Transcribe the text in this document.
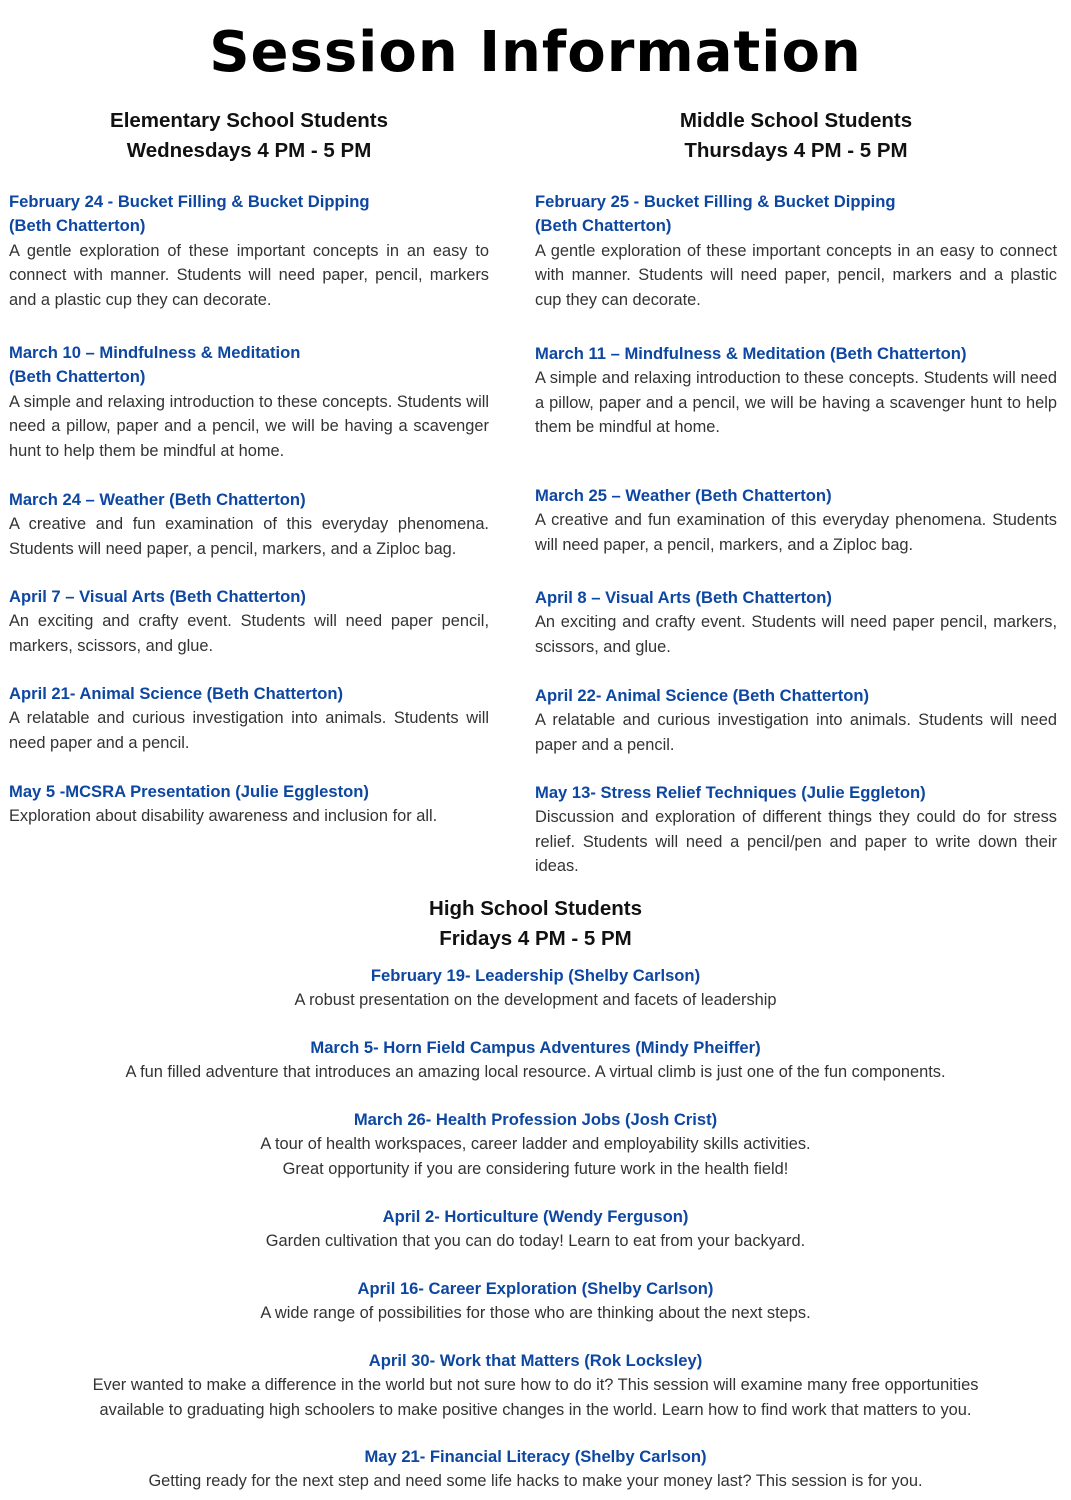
Session Information
Elementary School Students
Wednesdays 4 PM - 5 PM
February 24 - Bucket Filling & Bucket Dipping
(Beth Chatterton)
A gentle exploration of these important concepts in an easy to connect with manner. Students will need paper, pencil, markers and a plastic cup they can decorate.
March 10 – Mindfulness & Meditation
(Beth Chatterton)
A simple and relaxing introduction to these concepts. Students will need a pillow, paper and a pencil, we will be having a scavenger hunt to help them be mindful at home.
March 24 – Weather (Beth Chatterton)
A creative and fun examination of this everyday phenomena. Students will need paper, a pencil, markers, and a Ziploc bag.
April 7 – Visual Arts (Beth Chatterton)
An exciting and crafty event. Students will need paper pencil, markers, scissors, and glue.
April 21- Animal Science (Beth Chatterton)
A relatable and curious investigation into animals. Students will need paper and a pencil.
May 5 -MCSRA Presentation (Julie Eggleston)
Exploration about disability awareness and inclusion for all.
Middle School Students
Thursdays 4 PM - 5 PM
February 25 - Bucket Filling & Bucket Dipping
(Beth Chatterton)
A gentle exploration of these important concepts in an easy to connect with manner. Students will need paper, pencil, markers and a plastic cup they can decorate.
March 11 – Mindfulness & Meditation (Beth Chatterton)
A simple and relaxing introduction to these concepts. Students will need a pillow, paper and a pencil, we will be having a scavenger hunt to help them be mindful at home.
March 25 – Weather (Beth Chatterton)
A creative and fun examination of this everyday phenomena. Students will need paper, a pencil, markers, and a Ziploc bag.
April 8 – Visual Arts (Beth Chatterton)
An exciting and crafty event. Students will need paper pencil, markers, scissors, and glue.
April 22- Animal Science (Beth Chatterton)
A relatable and curious investigation into animals. Students will need paper and a pencil.
May 13- Stress Relief Techniques (Julie Eggleton)
Discussion and exploration of different things they could do for stress relief. Students will need a pencil/pen and paper to write down their ideas.
High School Students
Fridays 4 PM - 5 PM
February 19- Leadership (Shelby Carlson)
A robust presentation on the development and facets of leadership
March 5- Horn Field Campus Adventures (Mindy Pheiffer)
A fun filled adventure that introduces an amazing local resource. A virtual climb is just one of the fun components.
March 26- Health Profession Jobs (Josh Crist)
A tour of health workspaces, career ladder and employability skills activities.
Great opportunity if you are considering future work in the health field!
April 2- Horticulture (Wendy Ferguson)
Garden cultivation that you can do today! Learn to eat from your backyard.
April 16- Career Exploration (Shelby Carlson)
A wide range of possibilities for those who are thinking about the next steps.
April 30- Work that Matters (Rok Locksley)
Ever wanted to make a difference in the world but not sure how to do it? This session will examine many free opportunities
available to graduating high schoolers to make positive changes in the world. Learn how to find work that matters to you.
May 21- Financial Literacy (Shelby Carlson)
Getting ready for the next step and need some life hacks to make your money last? This session is for you.
